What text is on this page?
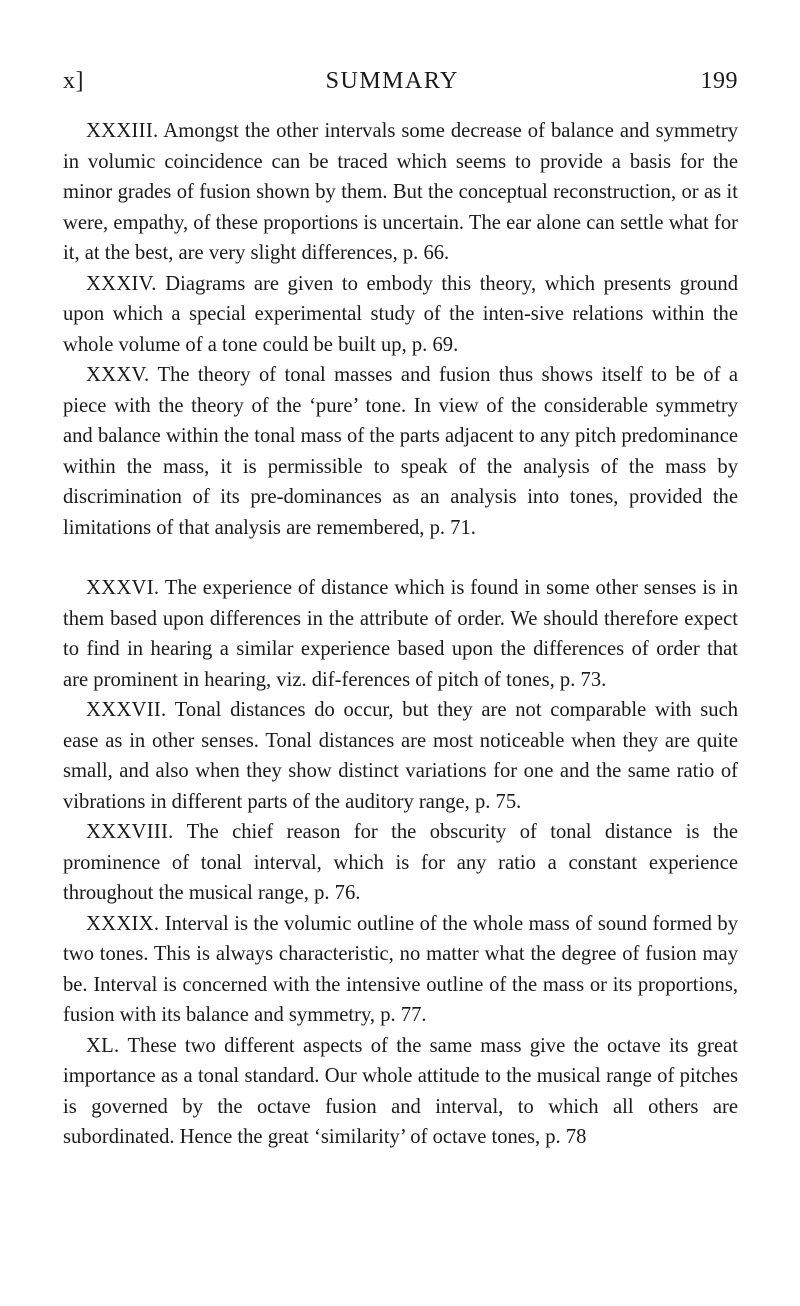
x]	SUMMARY	199

XXXIII. Amongst the other intervals some decrease of balance and symmetry in volumic coincidence can be traced which seems to provide a basis for the minor grades of fusion shown by them. But the conceptual reconstruction, or as it were, empathy, of these proportions is uncertain. The ear alone can settle what for it, at the best, are very slight differences, p. 66.

XXXIV. Diagrams are given to embody this theory, which presents ground upon which a special experimental study of the inten-sive relations within the whole volume of a tone could be built up, p. 69.

XXXV. The theory of tonal masses and fusion thus shows itself to be of a piece with the theory of the ‘pure’ tone. In view of the considerable symmetry and balance within the tonal mass of the parts adjacent to any pitch predominance within the mass, it is permissible to speak of the analysis of the mass by discrimination of its pre-dominances as an analysis into tones, provided the limitations of that analysis are remembered, p. 71.

XXXVI. The experience of distance which is found in some other senses is in them based upon differences in the attribute of order. We should therefore expect to find in hearing a similar experience based upon the differences of order that are prominent in hearing, viz. dif-ferences of pitch of tones, p. 73.

XXXVII. Tonal distances do occur, but they are not comparable with such ease as in other senses. Tonal distances are most noticeable when they are quite small, and also when they show distinct variations for one and the same ratio of vibrations in different parts of the auditory range, p. 75.

XXXVIII. The chief reason for the obscurity of tonal distance is the prominence of tonal interval, which is for any ratio a constant experience throughout the musical range, p. 76.

XXXIX. Interval is the volumic outline of the whole mass of sound formed by two tones. This is always characteristic, no matter what the degree of fusion may be. Interval is concerned with the intensive outline of the mass or its proportions, fusion with its balance and symmetry, p. 77.

XL. These two different aspects of the same mass give the octave its great importance as a tonal standard. Our whole attitude to the musical range of pitches is governed by the octave fusion and interval, to which all others are subordinated. Hence the great ‘similarity’ of octave tones, p. 78
